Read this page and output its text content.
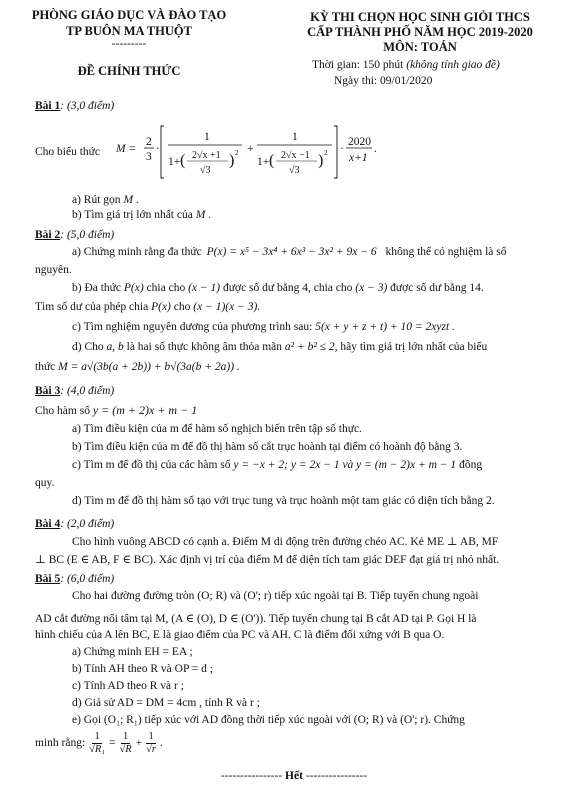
PHÒNG GIÁO DỤC VÀ ĐÀO TẠO
TP BUÔN MA THUỘT
---------
ĐỀ CHÍNH THỨC
KỲ THI CHỌN HỌC SINH GIỎI THCS
CẤP THÀNH PHỐ NĂM HỌC 2019-2020
MÔN: TOÁN
Thời gian: 150 phút (không tính giao đề)
Ngày thi: 09/01/2020
Bài 1: (3,0 điểm)
Cho biểu thức M =
2
3
·
1
1+ ( 2√x +1
√3
) 2 +
1
1+ ( 2√x −1
√3
) 2 ·
2020
x+1
.
a) Rút gọn M .
b) Tìm giá trị lớn nhất của M .
Bài 2: (5,0 điểm)
a) Chứng minh rằng đa thức P(x) = x⁵ − 3x⁴ + 6x³ − 3x² + 9x − 6 không thể có nghiệm là số
nguyên.
b) Đa thức P(x) chia cho (x − 1) được số dư bằng 4, chia cho (x − 3) được số dư bằng 14.
Tìm số dư của phép chia P(x) cho (x − 1)(x − 3).
c) Tìm nghiệm nguyên dương của phương trình sau: 5(x + y + z + t) + 10 = 2xyzt .
d) Cho a, b là hai số thực không âm thỏa mãn a² + b² ≤ 2, hãy tìm giá trị lớn nhất của biểu
thức M = a√(3b(a + 2b)) + b√(3a(b + 2a)) .
Bài 3: (4,0 điểm)
Cho hàm số y = (m + 2)x + m − 1
a) Tìm điều kiện của m để hàm số nghịch biến trên tập số thực.
b) Tìm điều kiện của m để đồ thị hàm số cắt trục hoành tại điểm có hoành độ bằng 3.
c) Tìm m để đồ thị của các hàm số y = −x + 2; y = 2x − 1 và y = (m − 2)x + m − 1 đồng
quy.
d) Tìm m để đồ thị hàm số tạo với trục tung và trục hoành một tam giác có diện tích bằng 2.
Bài 4: (2,0 điểm)
Cho hình vuông ABCD có cạnh a. Điểm M di động trên đường chéo AC. Kẻ ME ⊥ AB, MF
⊥ BC (E ∈ AB, F ∈ BC). Xác định vị trí của điểm M để diện tích tam giác DEF đạt giá trị nhỏ nhất.
Bài 5: (6,0 điểm)
Cho hai đường đường tròn (O; R) và (O'; r) tiếp xúc ngoài tại B. Tiếp tuyến chung ngoài
AD cắt đường nối tâm tại M, (A ∈ (O), D ∈ (O')). Tiếp tuyến chung tại B cắt AD tại P. Gọi H là
hình chiếu của A lên BC, E là giao điểm của PC và AH. C là điểm đối xứng với B qua O.
a) Chứng minh EH = EA ;
b) Tính AH theo R và OP = d ;
c) Tính AD theo R và r ;
d) Giả sử AD = DM = 4cm , tính R và r ;
e) Gọi (O₁; R₁) tiếp xúc với AD đồng thời tiếp xúc ngoài với (O; R) và (O'; r). Chứng
minh rằng: $\frac{1}{\text{√R₁}} = \frac{1}{√R} + \frac{1}{√r}$ .
---------------- Hết ----------------
